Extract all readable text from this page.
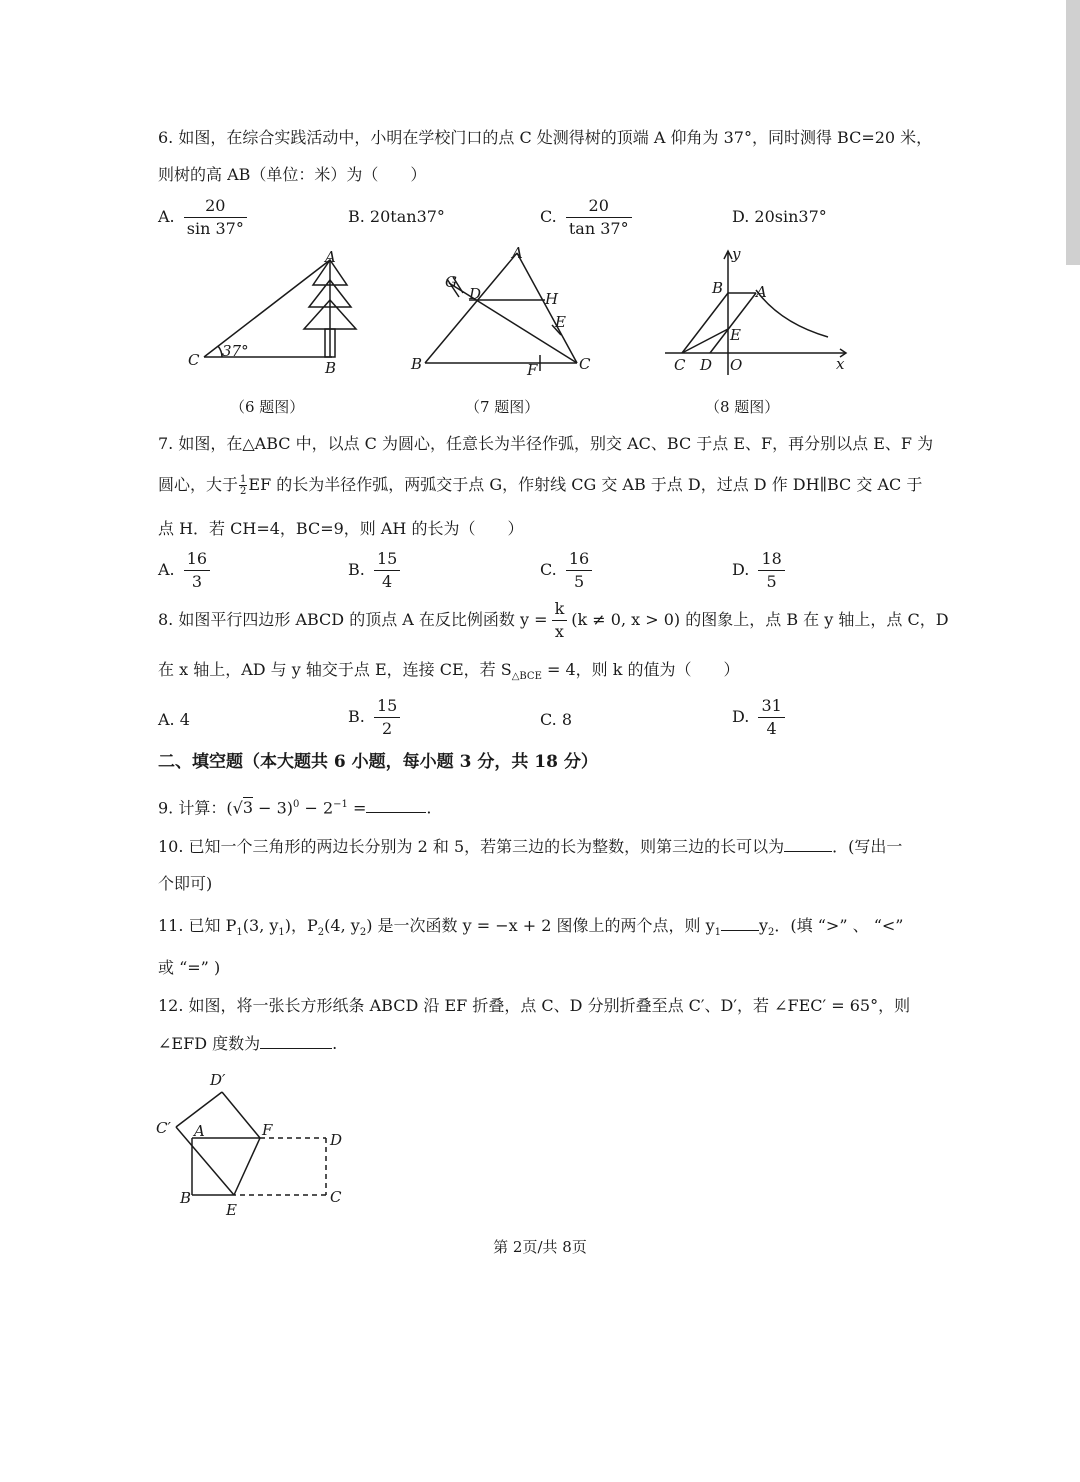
6. 如图，在综合实践活动中，小明在学校门口的点 C 处测得树的顶端 A 仰角为 37°，同时测得 BC=20 米，
则树的高 AB（单位：米）为（　　）
A. $\frac{20}{\sin 37^\circ}$	B. 20tan37°	C. $\frac{20}{\tan 37^\circ}$	D. 20sin37°
A
B
C 37°
（6 题图）
A
B	C
D
E
F
G
H
（7 题图）
B A
E
C D O	x
y
（8 题图）
7. 如图，在△ABC 中，以点 C 为圆心，任意长为半径作弧，别交 AC、BC 于点 E、F，再分别以点 E、F 为
圆心，大于 $\frac{1}{2}$ EF 的长为半径作弧，两弧交于点 G，作射线 CG 交 AB 于点 D，过点 D 作 DH∥BC 交 AC 于
点 H．若 CH=4，BC=9，则 AH 的长为（　　）
A. $\frac{16}{3}$	B. $\frac{15}{4}$	C. $\frac{16}{5}$	D. $\frac{18}{5}$
8. 如图平行四边形 ABCD 的顶点 A 在反比例函数 $y = \frac{k}{x} (k \ne 0$, x > 0) 的图象上，点 B 在 y 轴上，点 C，D
在 x 轴上，AD 与 y 轴交于点 E，连接 CE，若 $S_{\triangle BCE} = 4$，则 k 的值为（　　）
A. 4	B. $\frac{15}{2}$	C. 8	D. $\frac{31}{4}$
二、填空题（本大题共 6 小题，每小题 3 分，共 18 分）
9. 计算：$(√3 - 3)^0 - 2^{-1}$ =	.
10. 已知一个三角形的两边长分别为 2 和 5，若第三边的长为整数，则第三边的长可以为	．(写出一
个即可)
11. 已知 $P_1(3$, $y_1$)，$P_2(4$, $y_2$) 是一次函数 y = −x + 2 图像上的两个点，则 $y_1$ $y_2$．(填 “>” 、 “<”
或 “=” )
12. 如图，将一张长方形纸条 ABCD 沿 EF 折叠，点 C、D 分别折叠至点 C′、D′，若 ∠FEC′ = 65°，则
∠EFD 度数为	.
D′
C′ A	F
D
C
B
E
第 2页/共 8页
